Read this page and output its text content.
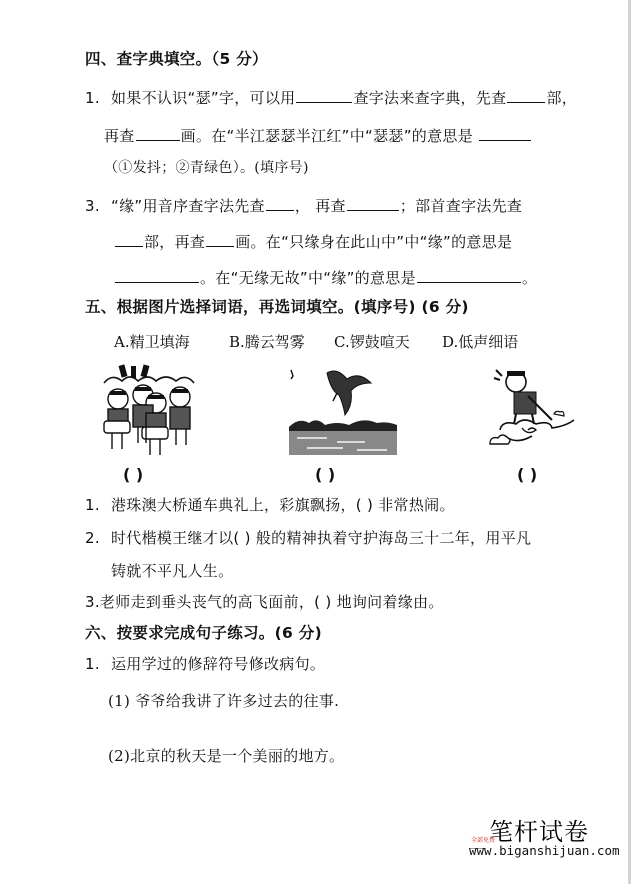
四、查字典填空。（5 分）
1. 如果不认识“瑟”字，可以用	查字法来查字典，先查	部，
再查	画。在“半江瑟瑟半江红”中“瑟瑟”的意思是
（①发抖；②青绿色）。(填序号)
3. “缘”用音序查字法先查 ， 再查	；部首查字法先查
部，再查 画。在“只缘身在此山中”中“缘”的意思是
。在“无缘无故”中“缘”的意思是	。
五、根据图片选择词语，再选词填空。(填序号) (6 分)
A.精卫填海	B.腾云驾雾 C.锣鼓喧天 D.低声细语
( )	( )	( )
1. 港珠澳大桥通车典礼上，彩旗飘扬，( ) 非常热闹。
2. 时代楷模王继才以( ) 般的精神执着守护海岛三十二年，用平凡
铸就不平凡人生。
3.老师走到垂头丧气的高飞面前，( ) 地询问着缘由。
六、按要求完成句子练习。(6 分)
1. 运用学过的修辞符号修改病句。
(1) 爷爷给我讲了许多过去的往事.
(2)北京的秋天是一个美丽的地方。
笔杆试卷
全部免费
www.biganshijuan.com
